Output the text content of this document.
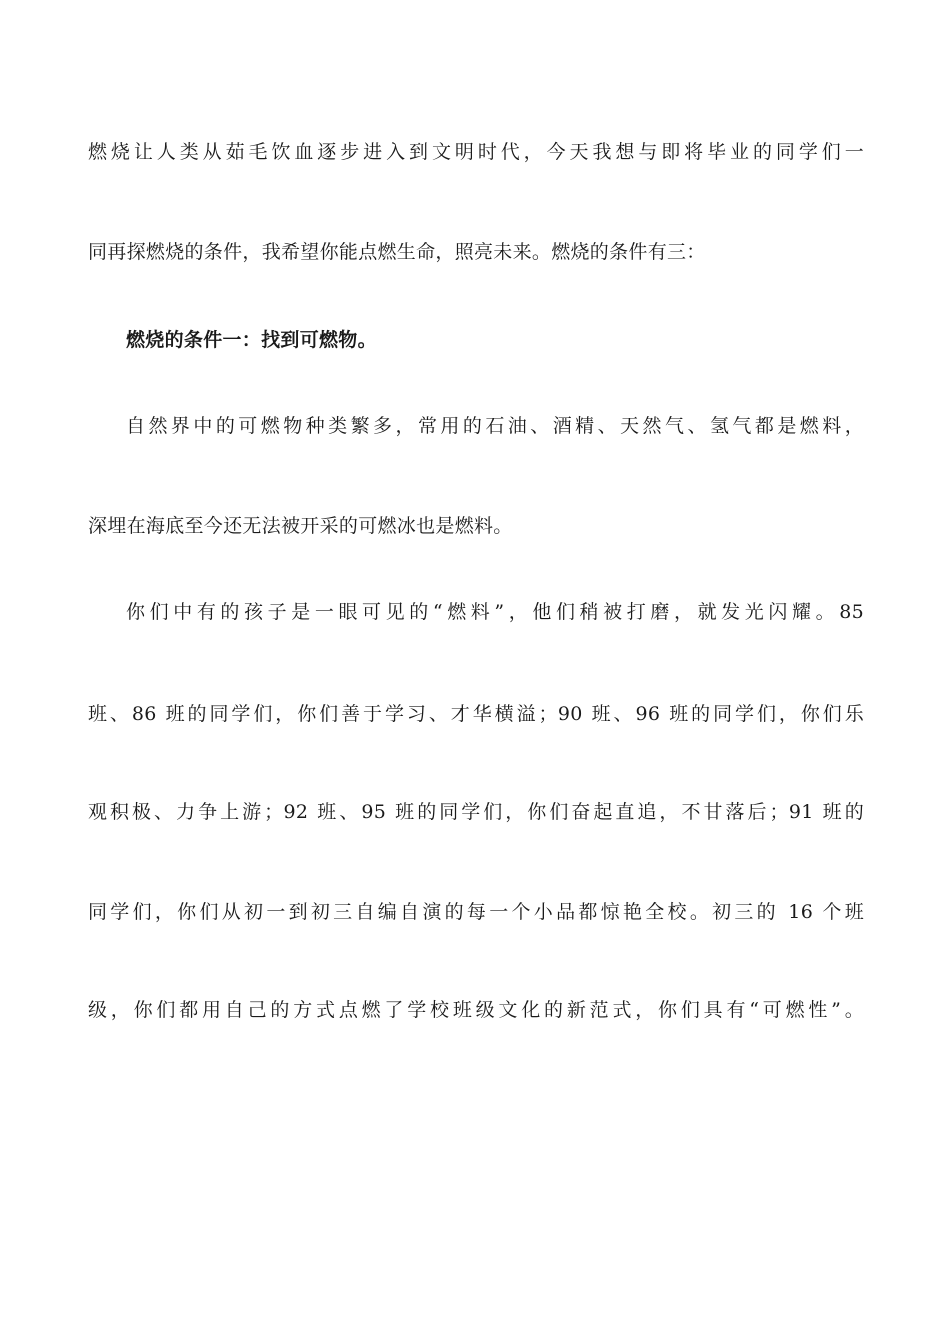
燃烧让人类从茹毛饮血逐步进入到文明时代，今天我想与即将毕业的同学们一
同再探燃烧的条件，我希望你能点燃生命，照亮未来。燃烧的条件有三：
燃烧的条件一：找到可燃物。
自然界中的可燃物种类繁多，常用的石油、酒精、天然气、氢气都是燃料，
深埋在海底至今还无法被开采的可燃冰也是燃料。
你们中有的孩子是一眼可见的“燃料”，他们稍被打磨，就发光闪耀。85
班、86 班的同学们，你们善于学习、才华横溢；90 班、96 班的同学们，你们乐
观积极、力争上游；92 班、95 班的同学们，你们奋起直追，不甘落后；91 班的
同学们，你们从初一到初三自编自演的每一个小品都惊艳全校。初三的 16 个班
级，你们都用自己的方式点燃了学校班级文化的新范式，你们具有“可燃性”。
